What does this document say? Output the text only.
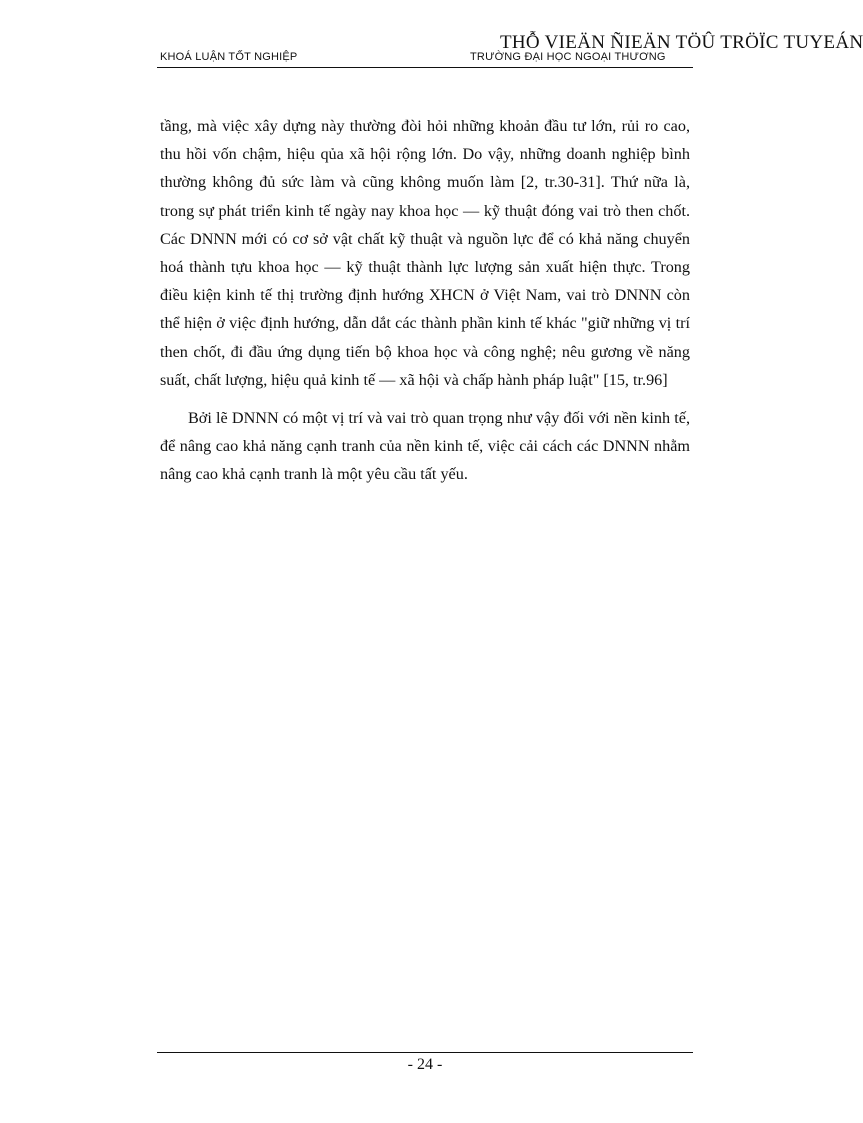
THỖ VIEÄN ÑIEÄN TÖÛ TRÖÏC TUYEÁN
KHOÁ LUẬN TỐT NGHIỆP	TRƯỜNG ĐẠI HỌC NGOẠI THƯƠNG

tầng, mà việc xây dựng này thường đòi hỏi những khoản đầu tư lớn, rủi ro cao, thu hồi vốn chậm, hiệu qủa xã hội rộng lớn. Do vậy, những doanh nghiệp bình thường không đủ sức làm và cũng không muốn làm [2, tr.30-31]. Thứ nữa là, trong sự phát triển kinh tế ngày nay khoa học — kỹ thuật đóng vai trò then chốt. Các DNNN mới có cơ sở vật chất kỹ thuật và nguồn lực để có khả năng chuyển hoá thành tựu khoa học — kỹ thuật thành lực lượng sản xuất hiện thực. Trong điều kiện kinh tế thị trường định hướng XHCN ở Việt Nam, vai trò DNNN còn thể hiện ở việc định hướng, dẫn dắt các thành phần kinh tế khác "giữ những vị trí then chốt, đi đầu ứng dụng tiến bộ khoa học và công nghệ; nêu gương về năng suất, chất lượng, hiệu quả kinh tế — xã hội và chấp hành pháp luật" [15, tr.96]

Bởi lẽ DNNN có một vị trí và vai trò quan trọng như vậy đối với nền kinh tế, để nâng cao khả năng cạnh tranh của nền kinh tế, việc cải cách các DNNN nhằm nâng cao khả cạnh tranh là một yêu cầu tất yếu.

- 24 -
